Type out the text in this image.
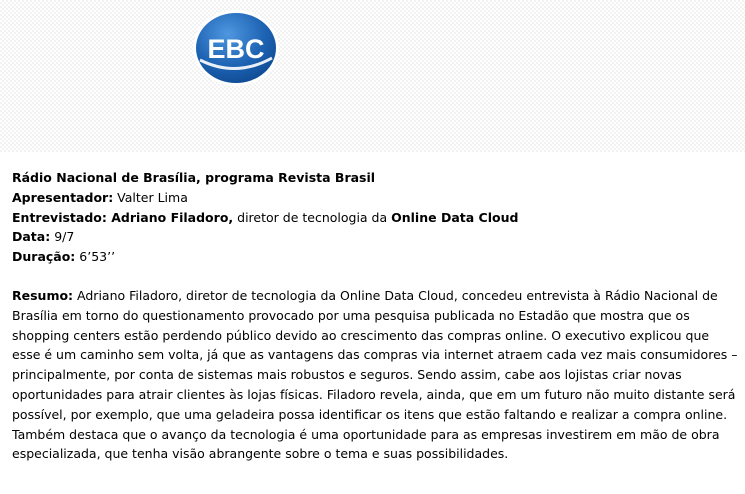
EBC

Rádio Nacional de Brasília, programa Revista Brasil

Apresentador: Valter Lima

Entrevistado: Adriano Filadoro, diretor de tecnologia da Online Data Cloud

Data: 9/7

Duração: 6’53’’

Resumo: Adriano Filadoro, diretor de tecnologia da Online Data Cloud, concedeu entrevista à Rádio Nacional de Brasília em torno do questionamento provocado por uma pesquisa publicada no Estadão que mostra que os shopping centers estão perdendo público devido ao crescimento das compras online. O executivo explicou que esse é um caminho sem volta, já que as vantagens das compras via internet atraem cada vez mais consumidores – principalmente, por conta de sistemas mais robustos e seguros. Sendo assim, cabe aos lojistas criar novas oportunidades para atrair clientes às lojas físicas. Filadoro revela, ainda, que em um futuro não muito distante será possível, por exemplo, que uma geladeira possa identificar os itens que estão faltando e realizar a compra online. Também destaca que o avanço da tecnologia é uma oportunidade para as empresas investirem em mão de obra especializada, que tenha visão abrangente sobre o tema e suas possibilidades.
